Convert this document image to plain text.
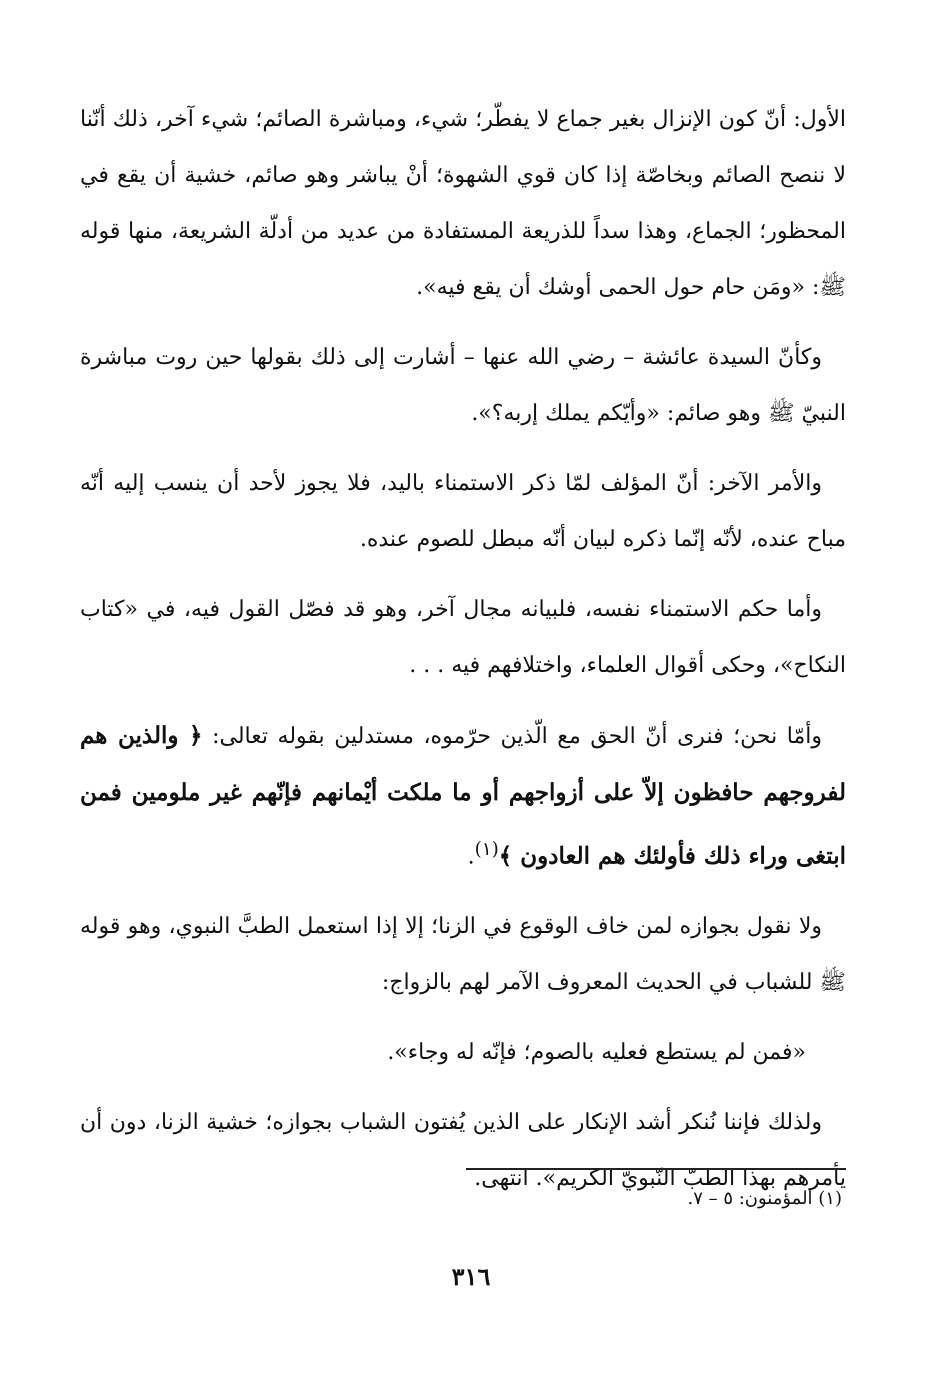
الأول: أنّ كون الإنزال بغير جماع لا يفطّر؛ شيء، ومباشرة الصائم؛ شيء آخر، ذلك أنّنا لا ننصح الصائم وبخاصّة إذا كان قوي الشهوة؛ أنْ يباشر وهو صائم، خشية أن يقع في المحظور؛ الجماع، وهذا سداً للذريعة المستفادة من عديد من أدلّة الشريعة، منها قوله ﷺ: «ومَن حام حول الحمى أوشك أن يقع فيه».

وكأنّ السيدة عائشة – رضي الله عنها – أشارت إلى ذلك بقولها حين روت مباشرة النبيّ ﷺ وهو صائم: «وأيّكم يملك إربه؟».

والأمر الآخر: أنّ المؤلف لمّا ذكر الاستمناء باليد، فلا يجوز لأحد أن ينسب إليه أنّه مباح عنده، لأنّه إنّما ذكره لبيان أنّه مبطل للصوم عنده.

وأما حكم الاستمناء نفسه، فلبيانه مجال آخر، وهو قد فصّل القول فيه، في «كتاب النكاح»، وحكى أقوال العلماء، واختلافهم فيه . . .

وأمّا نحن؛ فنرى أنّ الحق مع الّذين حرّموه، مستدلين بقوله تعالى: ﴿ والذين هم لفروجهم حافظون إلاّ على أزواجهم أو ما ملكت أيْمانهم فإنّهم غير ملومين فمن ابتغى وراء ذلك فأولئك هم العادون ﴾$^{(١)}$.

ولا نقول بجوازه لمن خاف الوقوع في الزنا؛ إلا إذا استعمل الطبَّ النبوي، وهو قوله ﷺ للشباب في الحديث المعروف الآمر لهم بالزواج:

«فمن لم يستطع فعليه بالصوم؛ فإنّه له وجاء».

ولذلك فإننا نُنكر أشد الإنكار على الذين يُفتون الشباب بجوازه؛ خشية الزنا، دون أن يأمرهم بهذا الطبّ النّبويّ الكريم». انتهى.

(١) المؤمنون: ٥ – ٧.
٣١٦
